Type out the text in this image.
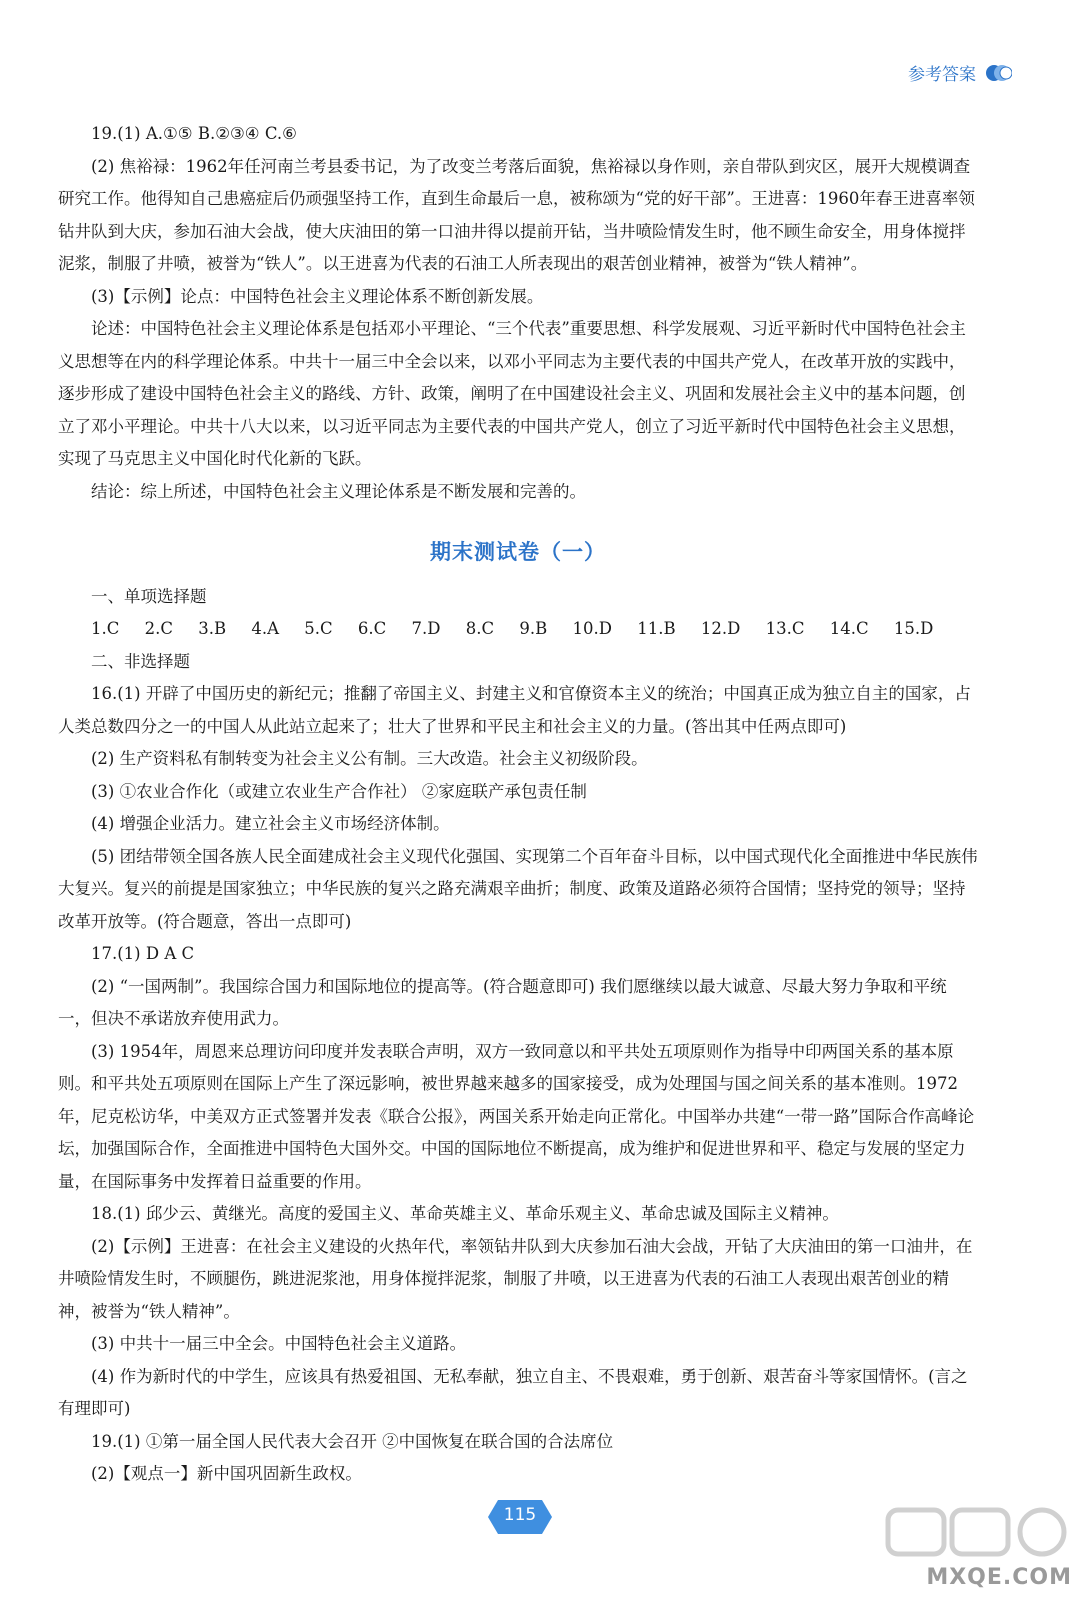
参考答案

19.(1) A.①⑤ B.②③④ C.⑥

(2) 焦裕禄：1962年任河南兰考县委书记，为了改变兰考落后面貌，焦裕禄以身作则，亲自带队到灾区，展开大规模调查研究工作。他得知自己患癌症后仍顽强坚持工作，直到生命最后一息，被称颂为“党的好干部”。王进喜：1960年春王进喜率领钻井队到大庆，参加石油大会战，使大庆油田的第一口油井得以提前开钻，当井喷险情发生时，他不顾生命安全，用身体搅拌泥浆，制服了井喷，被誉为“铁人”。以王进喜为代表的石油工人所表现出的艰苦创业精神，被誉为“铁人精神”。

(3)【示例】论点：中国特色社会主义理论体系不断创新发展。

论述：中国特色社会主义理论体系是包括邓小平理论、“三个代表”重要思想、科学发展观、习近平新时代中国特色社会主义思想等在内的科学理论体系。中共十一届三中全会以来，以邓小平同志为主要代表的中国共产党人，在改革开放的实践中，逐步形成了建设中国特色社会主义的路线、方针、政策，阐明了在中国建设社会主义、巩固和发展社会主义中的基本问题，创立了邓小平理论。中共十八大以来，以习近平同志为主要代表的中国共产党人，创立了习近平新时代中国特色社会主义思想，实现了马克思主义中国化时代化新的飞跃。

结论：综上所述，中国特色社会主义理论体系是不断发展和完善的。

期末测试卷（一）

一、单项选择题

1.C 2.C 3.B 4.A 5.C 6.C 7.D 8.C 9.B 10.D 11.B 12.D 13.C 14.C 15.D

二、非选择题

16.(1) 开辟了中国历史的新纪元；推翻了帝国主义、封建主义和官僚资本主义的统治；中国真正成为独立自主的国家，占人类总数四分之一的中国人从此站立起来了；壮大了世界和平民主和社会主义的力量。(答出其中任两点即可)

(2) 生产资料私有制转变为社会主义公有制。三大改造。社会主义初级阶段。

(3) ①农业合作化（或建立农业生产合作社） ②家庭联产承包责任制

(4) 增强企业活力。建立社会主义市场经济体制。

(5) 团结带领全国各族人民全面建成社会主义现代化强国、实现第二个百年奋斗目标，以中国式现代化全面推进中华民族伟大复兴。复兴的前提是国家独立；中华民族的复兴之路充满艰辛曲折；制度、政策及道路必须符合国情；坚持党的领导；坚持改革开放等。(符合题意，答出一点即可)

17.(1) D A C

(2) “一国两制”。我国综合国力和国际地位的提高等。(符合题意即可) 我们愿继续以最大诚意、尽最大努力争取和平统一，但决不承诺放弃使用武力。

(3) 1954年，周恩来总理访问印度并发表联合声明，双方一致同意以和平共处五项原则作为指导中印两国关系的基本原则。和平共处五项原则在国际上产生了深远影响，被世界越来越多的国家接受，成为处理国与国之间关系的基本准则。1972年，尼克松访华，中美双方正式签署并发表《联合公报》，两国关系开始走向正常化。中国举办共建“一带一路”国际合作高峰论坛，加强国际合作，全面推进中国特色大国外交。中国的国际地位不断提高，成为维护和促进世界和平、稳定与发展的坚定力量，在国际事务中发挥着日益重要的作用。

18.(1) 邱少云、黄继光。高度的爱国主义、革命英雄主义、革命乐观主义、革命忠诚及国际主义精神。

(2)【示例】王进喜：在社会主义建设的火热年代，率领钻井队到大庆参加石油大会战，开钻了大庆油田的第一口油井，在井喷险情发生时，不顾腿伤，跳进泥浆池，用身体搅拌泥浆，制服了井喷，以王进喜为代表的石油工人表现出艰苦创业的精神，被誉为“铁人精神”。

(3) 中共十一届三中全会。中国特色社会主义道路。

(4) 作为新时代的中学生，应该具有热爱祖国、无私奉献，独立自主、不畏艰难，勇于创新、艰苦奋斗等家国情怀。(言之有理即可)

19.(1) ①第一届全国人民代表大会召开 ②中国恢复在联合国的合法席位

(2)【观点一】新中国巩固新生政权。

115
MXQE.COM
